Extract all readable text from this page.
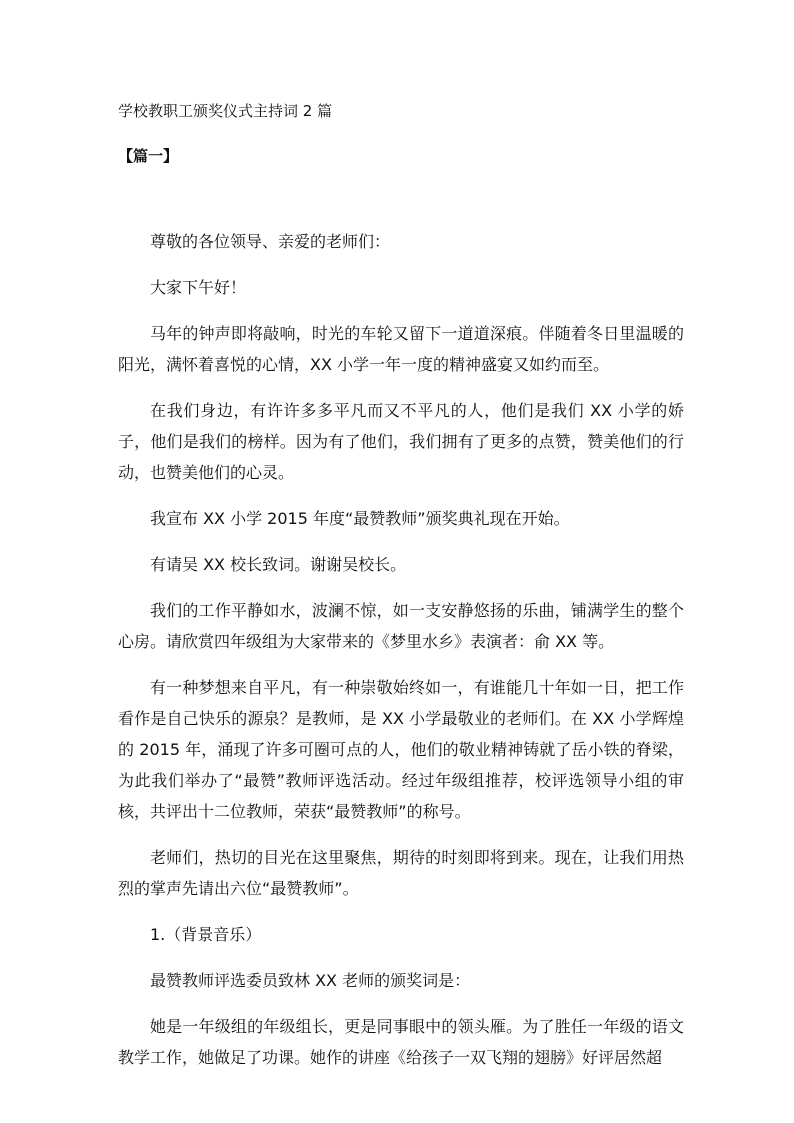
学校教职工颁奖仪式主持词 2 篇
【篇一】

尊敬的各位领导、亲爱的老师们：

大家下午好！

马年的钟声即将敲响，时光的车轮又留下一道道深痕。伴随着冬日里温暖的阳光，满怀着喜悦的心情，XX 小学一年一度的精神盛宴又如约而至。

在我们身边，有许许多多平凡而又不平凡的人，他们是我们 XX 小学的娇子，他们是我们的榜样。因为有了他们，我们拥有了更多的点赞，赞美他们的行动，也赞美他们的心灵。

我宣布 XX 小学 2015 年度“最赞教师”颁奖典礼现在开始。

有请吴 XX 校长致词。谢谢吴校长。

我们的工作平静如水，波澜不惊，如一支安静悠扬的乐曲，铺满学生的整个心房。请欣赏四年级组为大家带来的《梦里水乡》表演者：俞 XX 等。

有一种梦想来自平凡，有一种崇敬始终如一，有谁能几十年如一日，把工作看作是自己快乐的源泉？是教师，是 XX 小学最敬业的老师们。在 XX 小学辉煌的 2015 年，涌现了许多可圈可点的人，他们的敬业精神铸就了岳小铁的脊梁，为此我们举办了“最赞”教师评选活动。经过年级组推荐，校评选领导小组的审核，共评出十二位教师，荣获“最赞教师”的称号。

老师们，热切的目光在这里聚焦，期待的时刻即将到来。现在，让我们用热烈的掌声先请出六位“最赞教师”。

1.（背景音乐）

最赞教师评选委员致林 XX 老师的颁奖词是：

她是一年级组的年级组长，更是同事眼中的领头雁。为了胜任一年级的语文教学工作，她做足了功课。她作的讲座《给孩子一双飞翔的翅膀》好评居然超
